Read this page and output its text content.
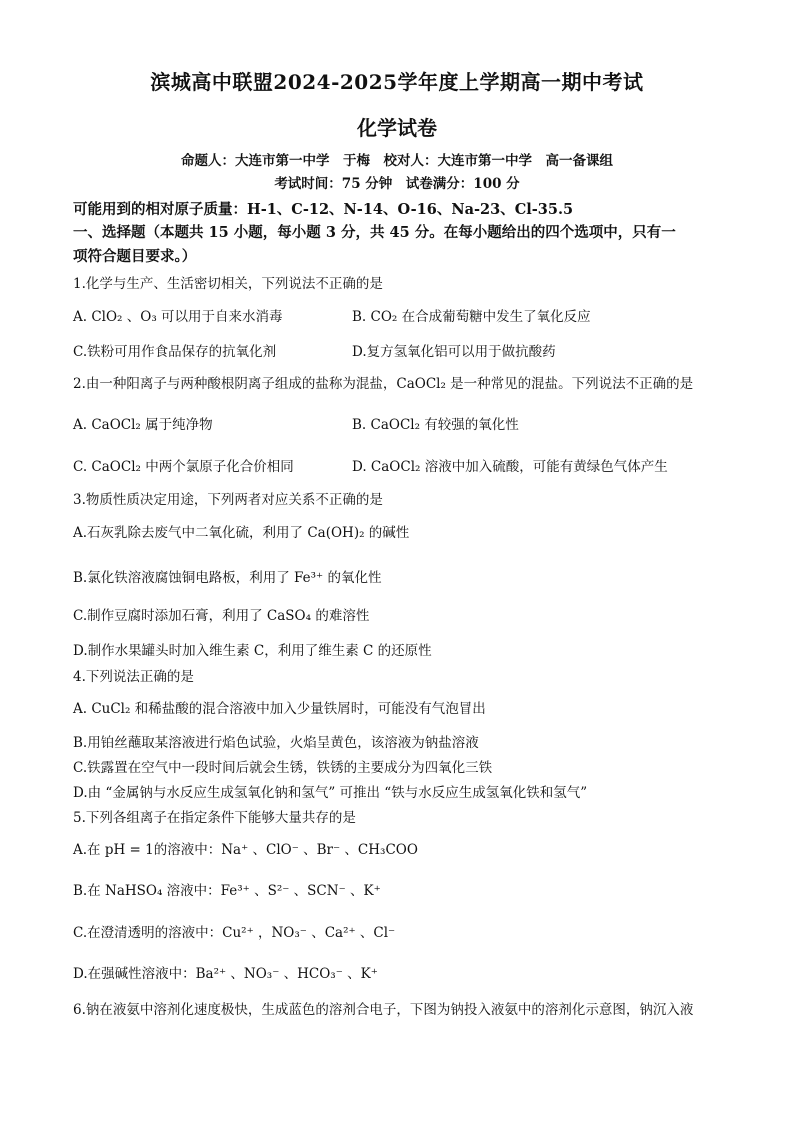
滨城高中联盟2024-2025学年度上学期高一期中考试
化学试卷
命题人：大连市第一中学　于梅　校对人：大连市第一中学　高一备课组
考试时间：75 分钟　试卷满分：100 分
可能用到的相对原子质量：H-1、C-12、N-14、O-16、Na-23、Cl-35.5
一、选择题（本题共 15 小题，每小题 3 分，共 45 分。在每小题给出的四个选项中，只有一
项符合题目要求。）
1.化学与生产、生活密切相关，下列说法不正确的是
A. ClO₂ 、O₃ 可以用于自来水消毒	B. CO₂ 在合成葡萄糖中发生了氧化反应
C.铁粉可用作食品保存的抗氧化剂	D.复方氢氧化铝可以用于做抗酸药
2.由一种阳离子与两种酸根阴离子组成的盐称为混盐，CaOCl₂ 是一种常见的混盐。下列说法不正确的是
A. CaOCl₂ 属于纯净物	B. CaOCl₂ 有较强的氧化性
C. CaOCl₂ 中两个氯原子化合价相同	D. CaOCl₂ 溶液中加入硫酸，可能有黄绿色气体产生
3.物质性质决定用途，下列两者对应关系不正确的是
A.石灰乳除去废气中二氧化硫，利用了 Ca(OH)₂ 的碱性
B.氯化铁溶液腐蚀铜电路板，利用了 Fe³⁺ 的氧化性
C.制作豆腐时添加石膏，利用了 CaSO₄ 的难溶性
D.制作水果罐头时加入维生素 C，利用了维生素 C 的还原性
4.下列说法正确的是
A. CuCl₂ 和稀盐酸的混合溶液中加入少量铁屑时，可能没有气泡冒出
B.用铂丝蘸取某溶液进行焰色试验，火焰呈黄色，该溶液为钠盐溶液
C.铁露置在空气中一段时间后就会生锈，铁锈的主要成分为四氧化三铁
D.由 “金属钠与水反应生成氢氧化钠和氢气” 可推出 “铁与水反应生成氢氧化铁和氢气”
5.下列各组离子在指定条件下能够大量共存的是
A.在 pH = 1的溶液中：Na⁺ 、ClO⁻ 、Br⁻ 、CH₃COO
B.在 NaHSO₄ 溶液中：Fe³⁺ 、S²⁻ 、SCN⁻ 、K⁺
C.在澄清透明的溶液中：Cu²⁺ ，NO₃⁻ 、Ca²⁺ 、Cl⁻
D.在强碱性溶液中：Ba²⁺ 、NO₃⁻ 、HCO₃⁻ 、K⁺
6.钠在液氨中溶剂化速度极快，生成蓝色的溶剂合电子，下图为钠投入液氨中的溶剂化示意图，钠沉入液
